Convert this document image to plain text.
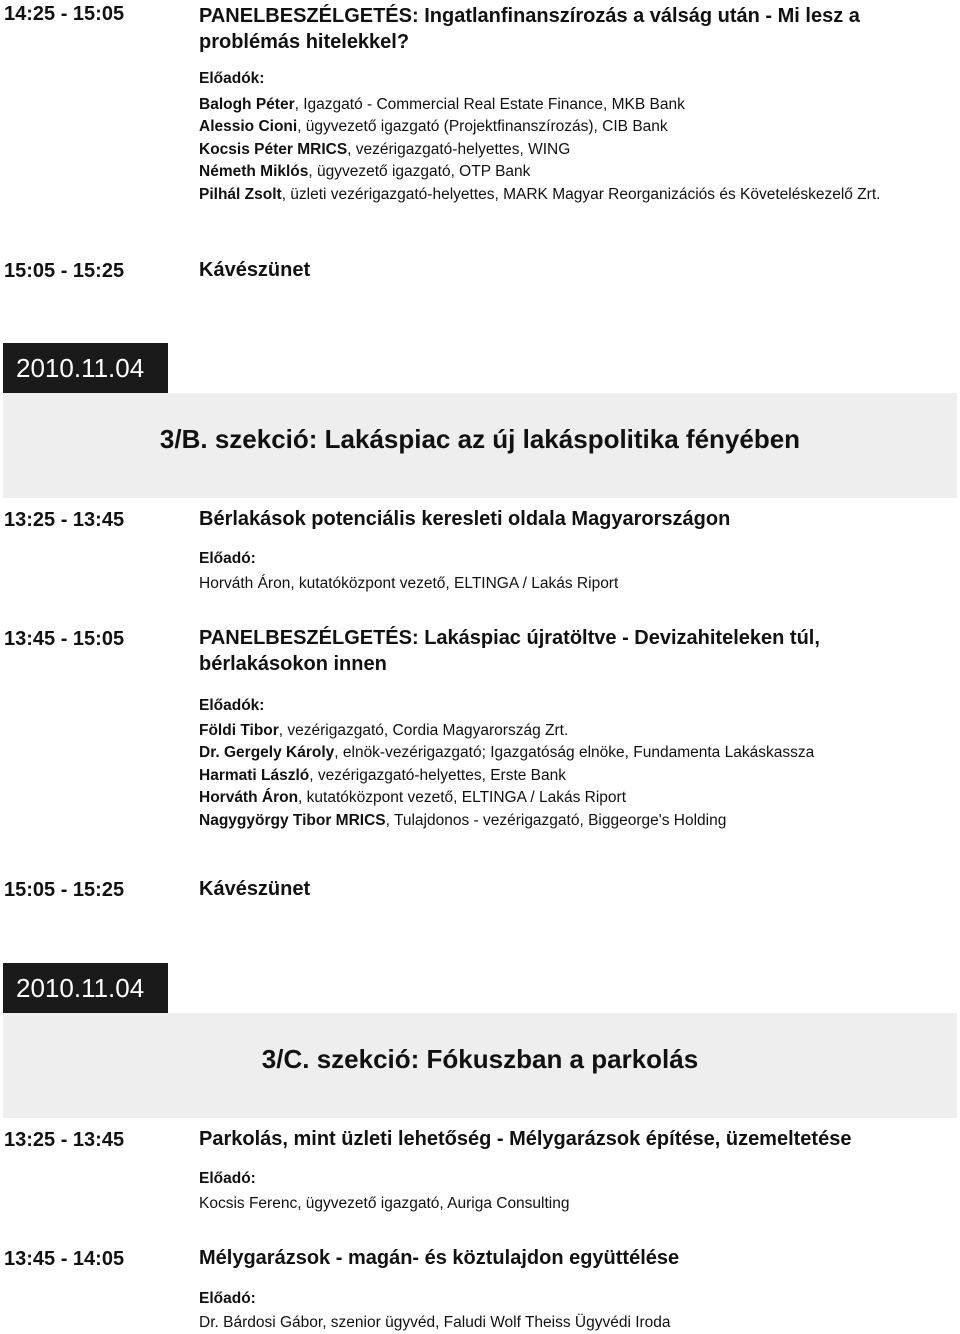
14:25 - 15:05	PANELBESZÉLGETÉS: Ingatlanfinanszírozás a válság után - Mi lesz a problémás hitelekkel?
Előadók:
Balogh Péter, Igazgató - Commercial Real Estate Finance, MKB Bank
Alessio Cioni, ügyvezető igazgató (Projektfinanszírozás), CIB Bank
Kocsis Péter MRICS, vezérigazgató-helyettes, WING
Németh Miklós, ügyvezető igazgató, OTP Bank
Pilhál Zsolt, üzleti vezérigazgató-helyettes, MARK Magyar Reorganizációs és Követeléskezelő Zrt.
15:05 - 15:25	Kávészünet
2010.11.04
3/B. szekció: Lakáspiac az új lakáspolitika fényében
13:25 - 13:45	Bérlakások potenciális keresleti oldala Magyarországon
Előadó:
Horváth Áron, kutatóközpont vezető, ELTINGA / Lakás Riport
13:45 - 15:05	PANELBESZÉLGETÉS: Lakáspiac újratöltve - Devizahiteleken túl, bérlakásokon innen
Előadók:
Földi Tibor, vezérigazgató, Cordia Magyarország Zrt.
Dr. Gergely Károly, elnök-vezérigazgató; Igazgatóság elnöke, Fundamenta Lakáskassza
Harmati László, vezérigazgató-helyettes, Erste Bank
Horváth Áron, kutatóközpont vezető, ELTINGA / Lakás Riport
Nagygyörgy Tibor MRICS, Tulajdonos - vezérigazgató, Biggeorge's Holding
15:05 - 15:25	Kávészünet
2010.11.04
3/C. szekció: Fókuszban a parkolás
13:25 - 13:45	Parkolás, mint üzleti lehetőség - Mélygarázsok építése, üzemeltetése
Előadó:
Kocsis Ferenc, ügyvezető igazgató, Auriga Consulting
13:45 - 14:05	Mélygarázsok - magán- és köztulajdon együttélése
Előadó:
Dr. Bárdosi Gábor, szenior ügyvéd, Faludi Wolf Theiss Ügyvédi Iroda
